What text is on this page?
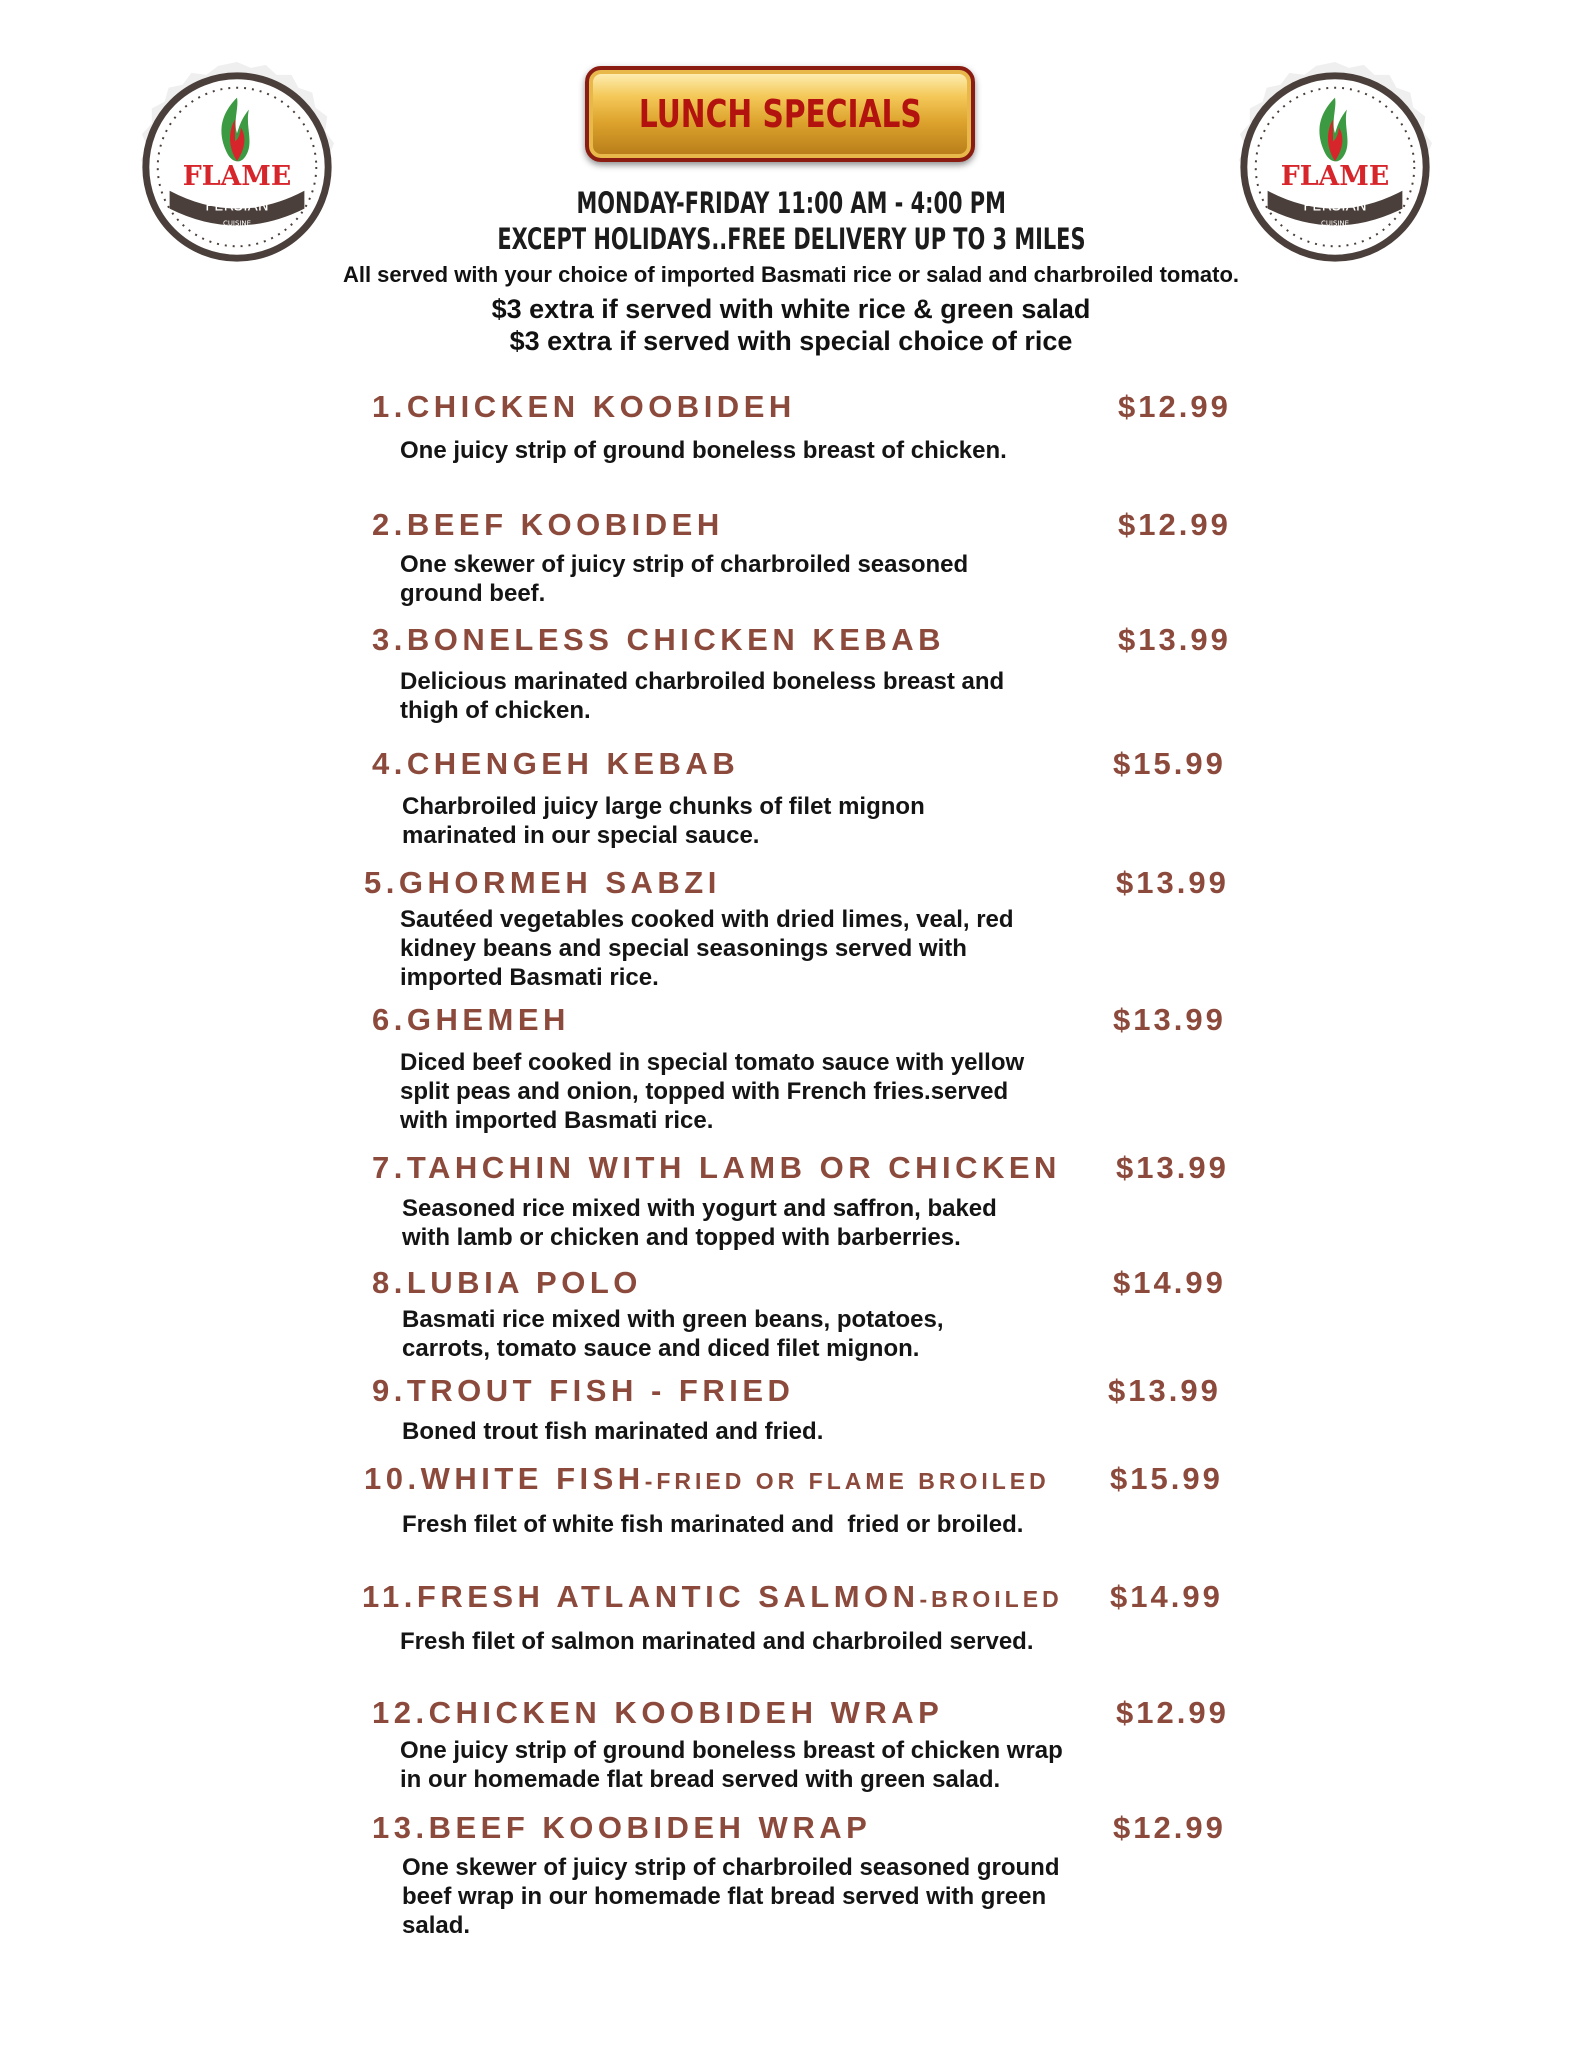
FLAME
PERSIAN
CUISINE
FLAME
PERSIAN
CUISINE
LUNCH SPECIALS
MONDAY-FRIDAY 11:00 AM - 4:00 PM
EXCEPT HOLIDAYS..FREE DELIVERY UP TO 3 MILES
All served with your choice of imported Basmati rice or salad and charbroiled tomato.
$3 extra if served with white rice & green salad
$3 extra if served with special choice of rice
1.CHICKEN KOOBIDEH	$12.99
One juicy strip of ground boneless breast of chicken.
2.BEEF KOOBIDEH	$12.99
One skewer of juicy strip of charbroiled seasoned
ground beef.
3.BONELESS CHICKEN KEBAB	$13.99
Delicious marinated charbroiled boneless breast and
thigh of chicken.
4.CHENGEH KEBAB	$15.99
Charbroiled juicy large chunks of filet mignon
marinated in our special sauce.
5.GHORMEH SABZI	$13.99
Sautéed vegetables cooked with dried limes, veal, red
kidney beans and special seasonings served with
imported Basmati rice.
6.GHEMEH	$13.99
Diced beef cooked in special tomato sauce with yellow
split peas and onion, topped with French fries.served
with imported Basmati rice.
7.TAHCHIN WITH LAMB OR CHICKEN $13.99
Seasoned rice mixed with yogurt and saffron, baked
with lamb or chicken and topped with barberries.
8.LUBIA POLO	$14.99
Basmati rice mixed with green beans, potatoes,
carrots, tomato sauce and diced filet mignon.
9.TROUT FISH - FRIED	$13.99
Boned trout fish marinated and fried.
10.WHITE FISH-FRIED OR FLAME BROILED $15.99
Fresh filet of white fish marinated and  fried or broiled.
11.FRESH ATLANTIC SALMON-BROILED $14.99
Fresh filet of salmon marinated and charbroiled served.
12.CHICKEN KOOBIDEH WRAP	$12.99
One juicy strip of ground boneless breast of chicken wrap
in our homemade flat bread served with green salad.
13.BEEF KOOBIDEH WRAP	$12.99
One skewer of juicy strip of charbroiled seasoned ground
beef wrap in our homemade flat bread served with green
salad.
